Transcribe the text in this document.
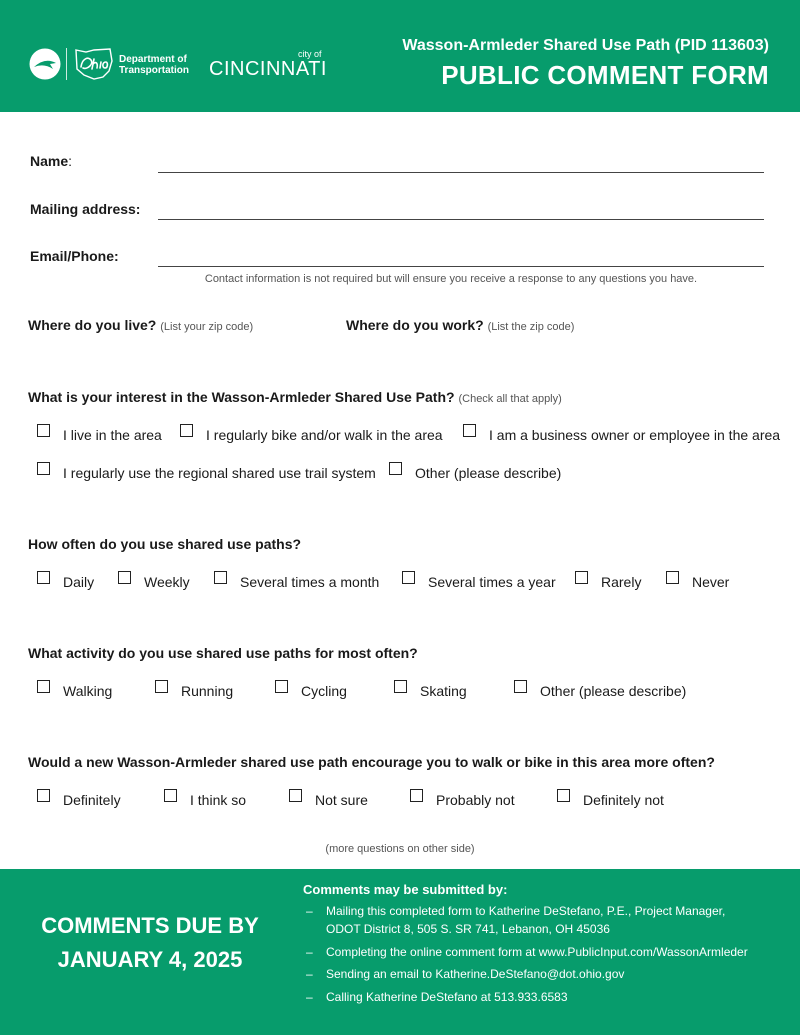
Department of
Transportation
city of
CINCINNATI
Wasson-Armleder Shared Use Path (PID 113603)
PUBLIC COMMENT FORM
Name:
Mailing address:
Email/Phone:
Contact information is not required but will ensure you receive a response to any questions you have.
Where do you live? (List your zip code)	Where do you work? (List the zip code)
What is your interest in the Wasson-Armleder Shared Use Path? (Check all that apply)
I live in the area	I regularly bike and/or walk in the area	I am a business owner or employee in the area
I regularly use the regional shared use trail system	Other (please describe)
How often do you use shared use paths?
Daily	Weekly	Several times a month	Several times a year	Rarely	Never
What activity do you use shared use paths for most often?
Walking	Running	Cycling	Skating	Other (please describe)
Would a new Wasson-Armleder shared use path encourage you to walk or bike in this area more often?
Definitely	I think so	Not sure	Probably not	Definitely not
(more questions on other side)
COMMENTS DUE BY
JANUARY 4, 2025
Comments may be submitted by:
– Mailing this completed form to Katherine DeStefano, P.E., Project Manager,
ODOT District 8, 505 S. SR 741, Lebanon, OH 45036
– Completing the online comment form at www.PublicInput.com/WassonArmleder
– Sending an email to Katherine.DeStefano@dot.ohio.gov
– Calling Katherine DeStefano at 513.933.6583
